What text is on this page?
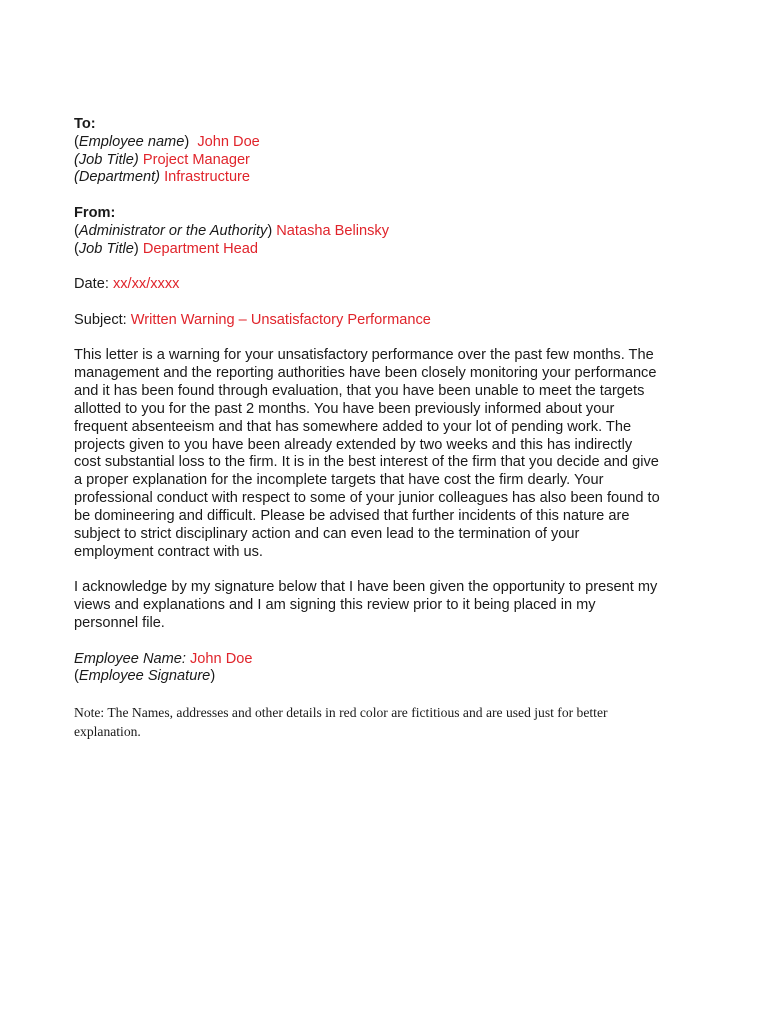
To:
(Employee name)  John Doe
(Job Title) Project Manager
(Department) Infrastructure
From:
(Administrator or the Authority) Natasha Belinsky
(Job Title) Department Head
Date: xx/xx/xxxx
Subject: Written Warning – Unsatisfactory Performance
This letter is a warning for your unsatisfactory performance over the past few months. The
management and the reporting authorities have been closely monitoring your performance
and it has been found through evaluation, that you have been unable to meet the targets
allotted to you for the past 2 months. You have been previously informed about your
frequent absenteeism and that has somewhere added to your lot of pending work. The
projects given to you have been already extended by two weeks and this has indirectly
cost substantial loss to the firm. It is in the best interest of the firm that you decide and give
a proper explanation for the incomplete targets that have cost the firm dearly. Your
professional conduct with respect to some of your junior colleagues has also been found to
be domineering and difficult. Please be advised that further incidents of this nature are
subject to strict disciplinary action and can even lead to the termination of your
employment contract with us.
I acknowledge by my signature below that I have been given the opportunity to present my
views and explanations and I am signing this review prior to it being placed in my
personnel file.
Employee Name: John Doe
(Employee Signature)
Note: The Names, addresses and other details in red color are fictitious and are used just for better
explanation.
